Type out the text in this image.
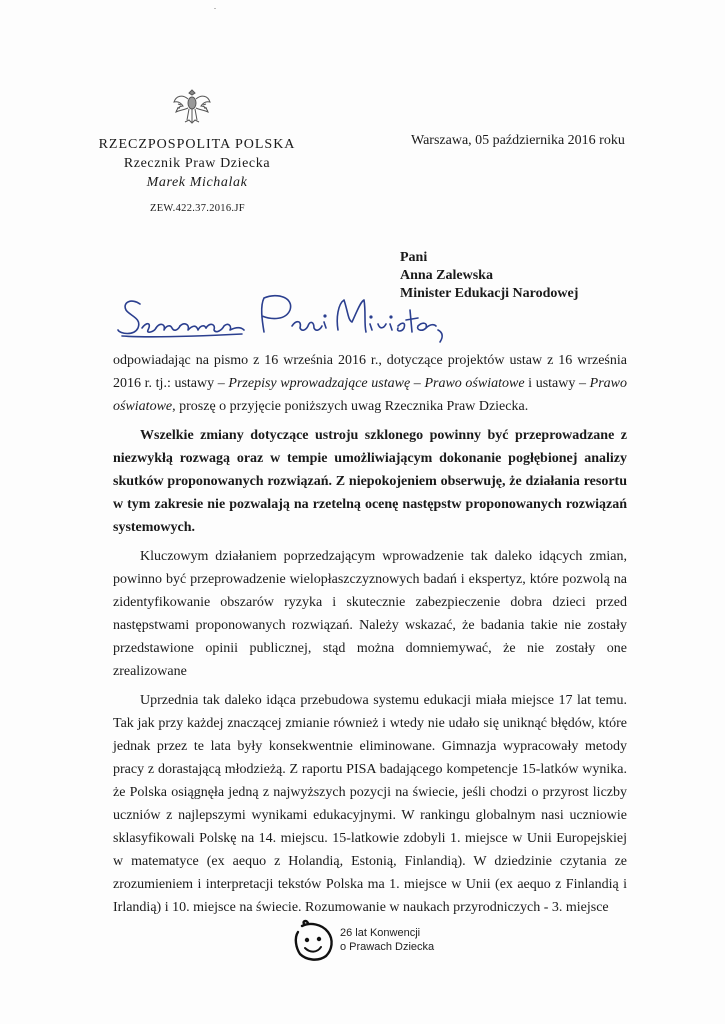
RZECZPOSPOLITA POLSKA
Rzecznik Praw Dziecka
Marek Michalak
ZEW.422.37.2016.JF
Warszawa, 05 października 2016 roku
Pani
Anna Zalewska
Minister Edukacji Narodowej

odpowiadając na pismo z 16 września 2016 r., dotyczące projektów ustaw z 16 września 2016 r. tj.: ustawy – Przepisy wprowadzające ustawę – Prawo oświatowe i ustawy – Prawo oświatowe, proszę o przyjęcie poniższych uwag Rzecznika Praw Dziecka.

Wszelkie zmiany dotyczące ustroju szklonego powinny być przeprowadzane z niezwykłą rozwagą oraz w tempie umożliwiającym dokonanie pogłębionej analizy skutków proponowanych rozwiązań. Z niepokojeniem obserwuję, że działania resortu w tym zakresie nie pozwalają na rzetelną ocenę następstw proponowanych rozwiązań systemowych.

Kluczowym działaniem poprzedzającym wprowadzenie tak daleko idących zmian, powinno być przeprowadzenie wielopłaszczyznowych badań i ekspertyz, które pozwolą na zidentyfikowanie obszarów ryzyka i skutecznie zabezpieczenie dobra dzieci przed następstwami proponowanych rozwiązań. Należy wskazać, że badania takie nie zostały przedstawione opinii publicznej, stąd można domniemywać, że nie zostały one zrealizowane

Uprzednia tak daleko idąca przebudowa systemu edukacji miała miejsce 17 lat temu. Tak jak przy każdej znaczącej zmianie również i wtedy nie udało się uniknąć błędów, które jednak przez te lata były konsekwentnie eliminowane. Gimnazja wypracowały metody pracy z dorastającą młodzieżą. Z raportu PISA badającego kompetencje 15-latków wynika. że Polska osiągnęła jedną z najwyższych pozycji na świecie, jeśli chodzi o przyrost liczby uczniów z najlepszymi wynikami edukacyjnymi. W rankingu globalnym nasi uczniowie sklasyfikowali Polskę na 14. miejscu. 15-latkowie zdobyli 1. miejsce w Unii Europejskiej w matematyce (ex aequo z Holandią, Estonią, Finlandią). W dziedzinie czytania ze zrozumieniem i interpretacji tekstów Polska ma 1. miejsce w Unii (ex aequo z Finlandią i Irlandią) i 10. miejsce na świecie. Rozumowanie w naukach przyrodniczych - 3. miejsce

26 lat Konwencji
o Prawach Dziecka
